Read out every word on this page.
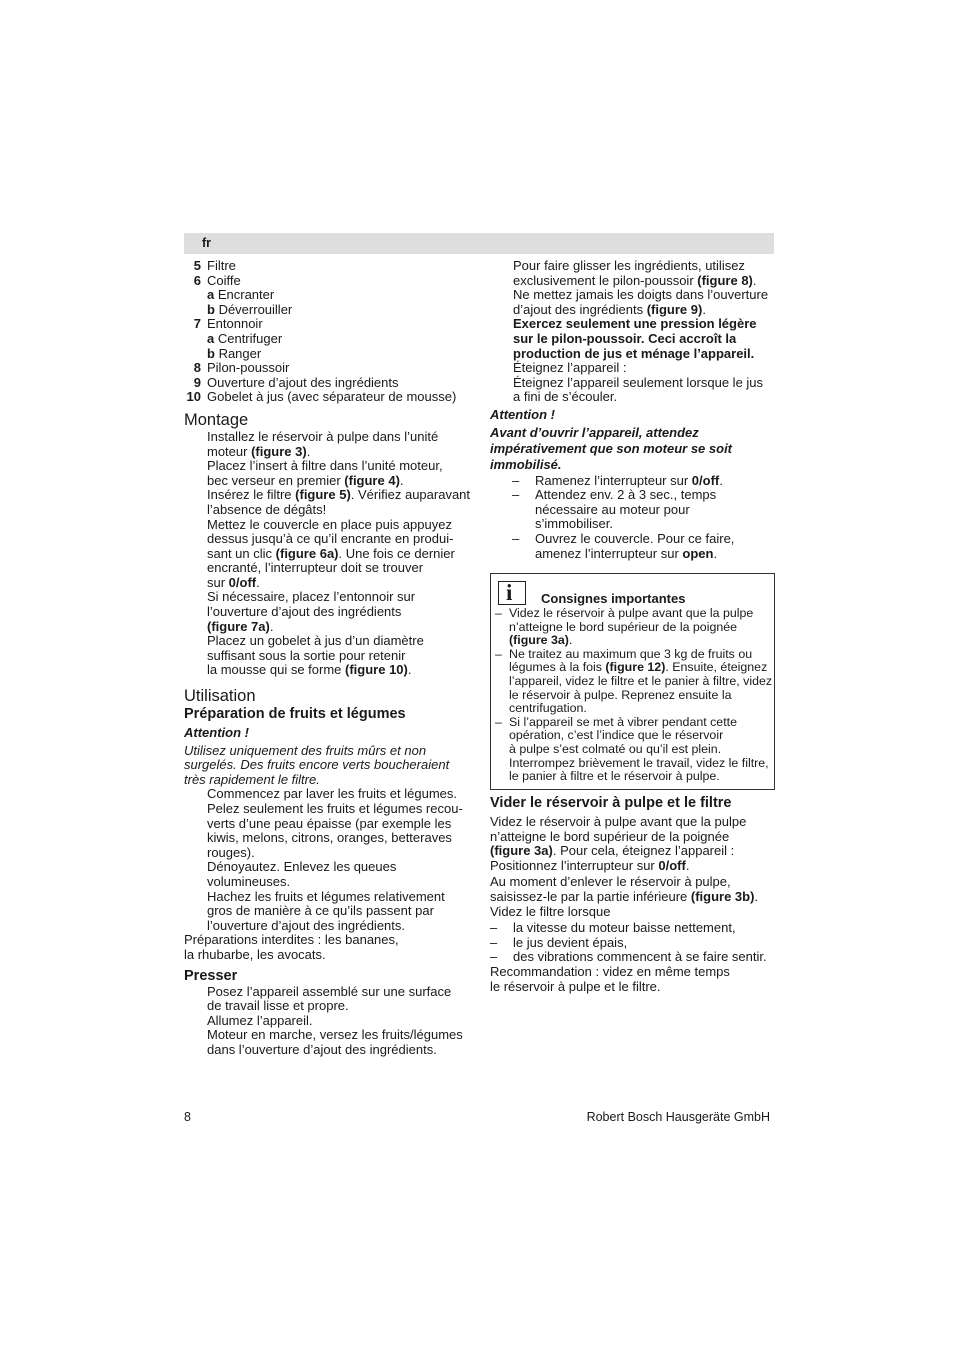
fr
5 Filtre
6 Coiffe
a Encranter
b Déverrouiller
7 Entonnoir
a Centrifuger
b Ranger
8 Pilon-poussoir
9 Ouverture d’ajout des ingrédients
10 Gobelet à jus (avec séparateur de mousse)
Montage
Installez le réservoir à pulpe dans l’unité
moteur (figure 3).
Placez l’insert à filtre dans l’unité moteur,
bec verseur en premier (figure 4).
Insérez le filtre (figure 5). Vérifiez auparavant
l’absence de dégâts!
Mettez le couvercle en place puis appuyez
dessus jusqu’à ce qu’il encrante en produi-
sant un clic (figure 6a). Une fois ce dernier
encranté, l’interrupteur doit se trouver
sur 0/off.
Si nécessaire, placez l’entonnoir sur
l’ouverture d’ajout des ingrédients
(figure 7a).
Placez un gobelet à jus d’un diamètre
suffisant sous la sortie pour retenir
la mousse qui se forme (figure 10).
Utilisation
Préparation de fruits et légumes
Attention !
Utilisez uniquement des fruits mûrs et non
surgelés. Des fruits encore verts boucheraient
très rapidement le filtre.
Commencez par laver les fruits et légumes.
Pelez seulement les fruits et légumes recou-
verts d’une peau épaisse (par exemple les
kiwis, melons, citrons, oranges, betteraves
rouges).
Dénoyautez. Enlevez les queues
volumineuses.
Hachez les fruits et légumes relativement
gros de manière à ce qu’ils passent par
l’ouverture d’ajout des ingrédients.
Préparations interdites : les bananes,
la rhubarbe, les avocats.
Presser
Posez l’appareil assemblé sur une surface
de travail lisse et propre.
Allumez l’appareil.
Moteur en marche, versez les fruits/légumes
dans l’ouverture d’ajout des ingrédients.
Pour faire glisser les ingrédients, utilisez
exclusivement le pilon-poussoir (figure 8).
Ne mettez jamais les doigts dans l’ouverture
d’ajout des ingrédients (figure 9).
Exercez seulement une pression légère
sur le pilon-poussoir. Ceci accroît la
production de jus et ménage l’appareil.
Éteignez l’appareil :
Éteignez l’appareil seulement lorsque le jus
a fini de s’écouler.
Attention !
Avant d’ouvrir l’appareil, attendez
impérativement que son moteur se soit
immobilisé.
–	Ramenez l’interrupteur sur 0/off.
–	Attendez env. 2 à 3 sec., temps
nécessaire au moteur pour
s’immobiliser.
–	Ouvrez le couvercle. Pour ce faire,
amenez l’interrupteur sur open.
i Consignes importantes
– Videz le réservoir à pulpe avant que la pulpe
n’atteigne le bord supérieur de la poignée
(figure 3a).
– Ne traitez au maximum que 3 kg de fruits ou
légumes à la fois (figure 12). Ensuite, éteignez
l’appareil, videz le filtre et le panier à filtre, videz
le réservoir à pulpe. Reprenez ensuite la
centrifugation.
– Si l’appareil se met à vibrer pendant cette
opération, c’est l’indice que le réservoir
à pulpe s’est colmaté ou qu’il est plein.
Interrompez brièvement le travail, videz le filtre,
le panier à filtre et le réservoir à pulpe.
Vider le réservoir à pulpe et le filtre
Videz le réservoir à pulpe avant que la pulpe
n’atteigne le bord supérieur de la poignée
(figure 3a). Pour cela, éteignez l’appareil :
Positionnez l’interrupteur sur 0/off.
Au moment d’enlever le réservoir à pulpe,
saisissez-le par la partie inférieure (figure 3b).
Videz le filtre lorsque
–	la vitesse du moteur baisse nettement,
–	le jus devient épais,
–	des vibrations commencent à se faire sentir.
Recommandation : videz en même temps
le réservoir à pulpe et le filtre.
8	Robert Bosch Hausgeräte GmbH
